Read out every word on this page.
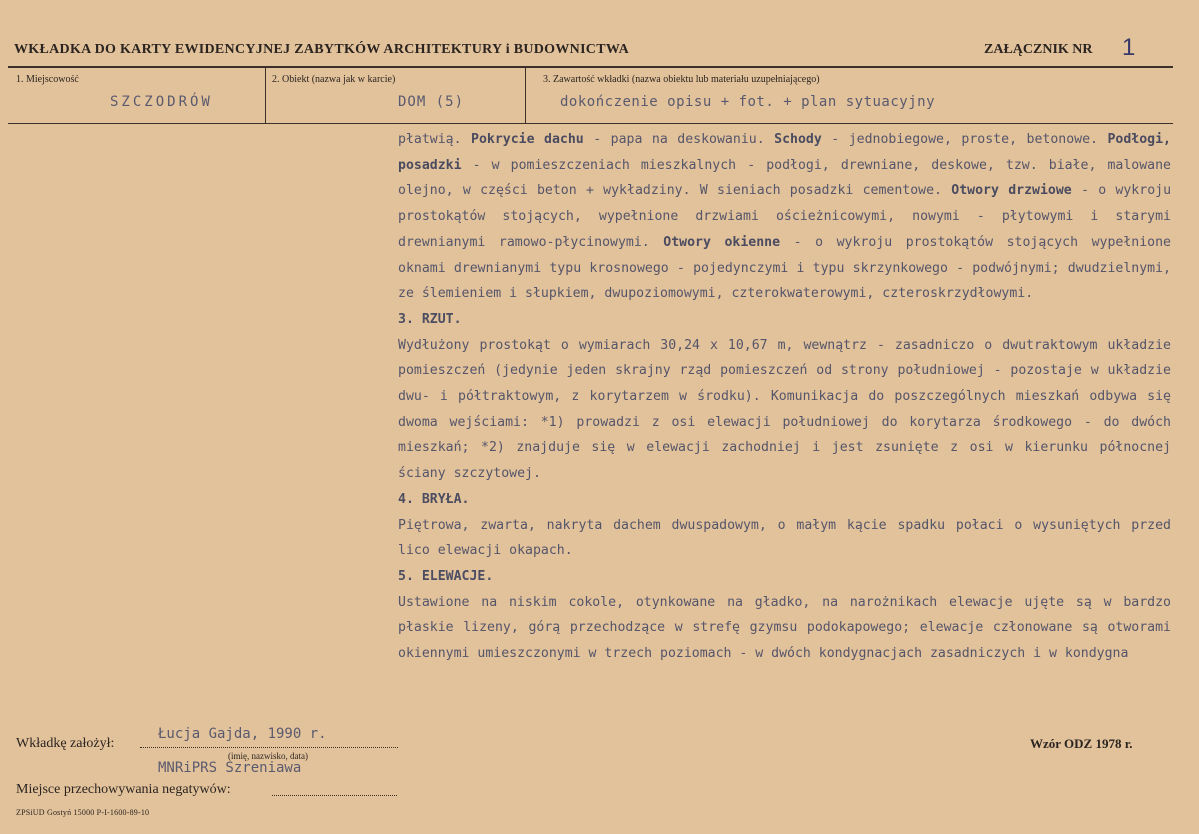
WKŁADKA DO KARTY EWIDENCYJNEJ ZABYTKÓW ARCHITEKTURY i BUDOWNICTWA	ZAŁĄCZNIK NR 1
1. Miejscowość
SZCZODRÓW
2. Obiekt (nazwa jak w karcie)
DOM (5)
3. Zawartość wkładki (nazwa obiektu lub materiału uzupełniającego)
dokończenie opisu + fot. + plan sytuacyjny

płatwią. Pokrycie dachu - papa na deskowaniu. Schody - jednobiegowe, proste, betonowe. Podłogi, posadzki - w pomieszczeniach mieszkalnych - podłogi, drewniane, deskowe, tzw. białe, malowane olejno, w części beton + wykładziny. W sieniach posadzki cementowe. Otwory drzwiowe - o wykroju prostokątów stojących, wypełnione drzwiami ościeżnicowymi, nowymi - płytowymi i starymi drewnianymi ramowo-płycinowymi. Otwory okienne - o wykroju prostokątów stojących wypełnione oknami drewnianymi typu krosnowego - pojedynczymi i typu skrzynkowego - podwójnymi; dwudzielnymi, ze ślemieniem i słupkiem, dwupoziomowymi, czterokwaterowymi, czteroskrzydłowymi.

3. RZUT.

Wydłużony prostokąt o wymiarach 30,24 x 10,67 m, wewnątrz - zasadniczo o dwutraktowym układzie pomieszczeń (jedynie jeden skrajny rząd pomieszczeń od strony południowej - pozostaje w układzie dwu- i półtraktowym, z korytarzem w środku). Komunikacja do poszczególnych mieszkań odbywa się dwoma wejściami: *1) prowadzi z osi elewacji południowej do korytarza środkowego - do dwóch mieszkań; *2) znajduje się w elewacji zachodniej i jest zsunięte z osi w kierunku północnej ściany szczytowej.

4. BRYŁA.

Piętrowa, zwarta, nakryta dachem dwuspadowym, o małym kącie spadku połaci o wysuniętych przed lico elewacji okapach.

5. ELEWACJE.

Ustawione na niskim cokole, otynkowane na gładko, na narożnikach elewacje ujęte są w bardzo płaskie lizeny, górą przechodzące w strefę gzymsu podokapowego; elewacje członowane są otworami okiennymi umieszczonymi w trzech poziomach - w dwóch kondygnacjach zasadniczych i w kondygna

Wkładkę założył:
Łucja Gajda, 1990 r.
(imię, nazwisko, data)
MNRiPRS Szreniawa
Miejsce przechowywania negatywów:
ZPSiUD Gostyń 15000 P-I-1600-89-10
Wzór ODZ 1978 r.
